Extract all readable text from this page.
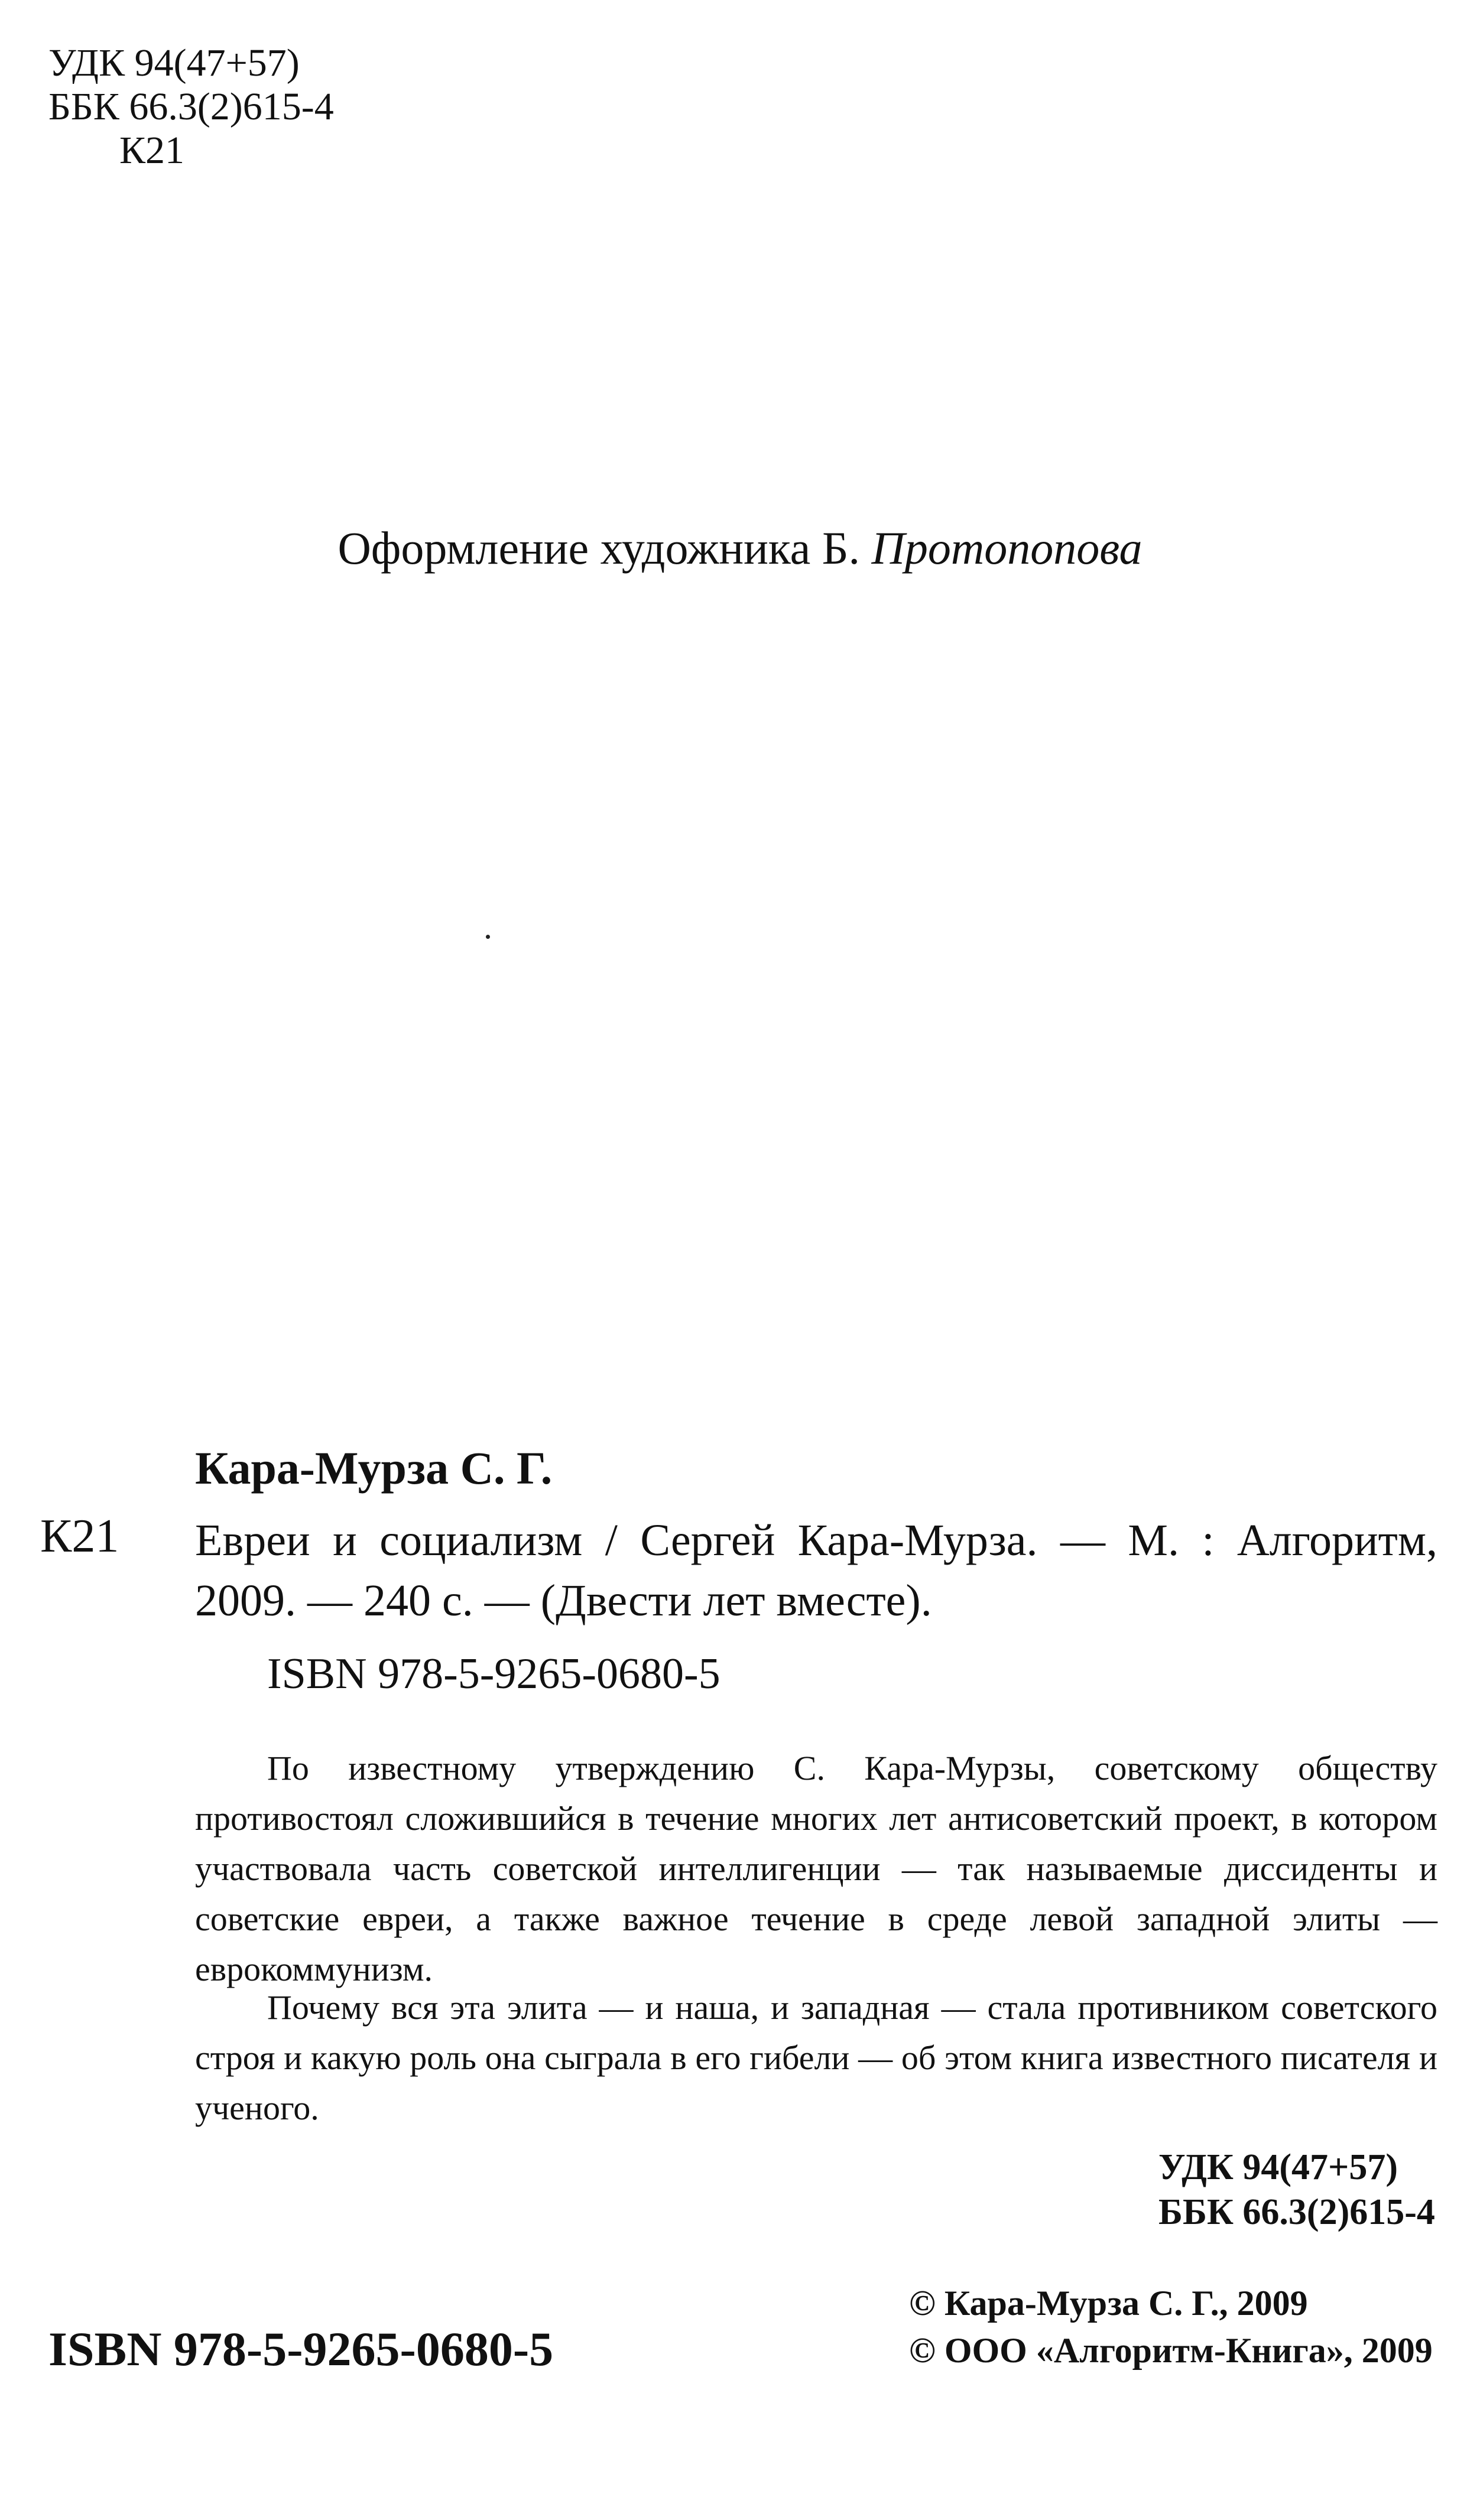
УДК 94(47+57)
ББК 66.3(2)615-4
К21
Оформление художника Б. Протопопова
Кара-Мурза С. Г.
К21 Евреи и социализм / Сергей Кара-Мурза. — М. : Алгоритм, 2009. — 240 с. — (Двести лет вместе).
ISBN 978-5-9265-0680-5

По известному утверждению С. Кара-Мурзы, советскому обществу противостоял сложившийся в течение многих лет антисоветский проект, в котором участвовала часть советской интеллигенции — так называемые диссиденты и советские евреи, а также важное течение в среде левой западной элиты — еврокоммунизм.

Почему вся эта элита — и наша, и западная — стала противником советского строя и какую роль она сыграла в его гибели — об этом книга известного писателя и ученого.

УДК 94(47+57)
ББК 66.3(2)615-4
ISBN 978-5-9265-0680-5
© Кара-Мурза С. Г., 2009
© ООО «Алгоритм-Книга», 2009
